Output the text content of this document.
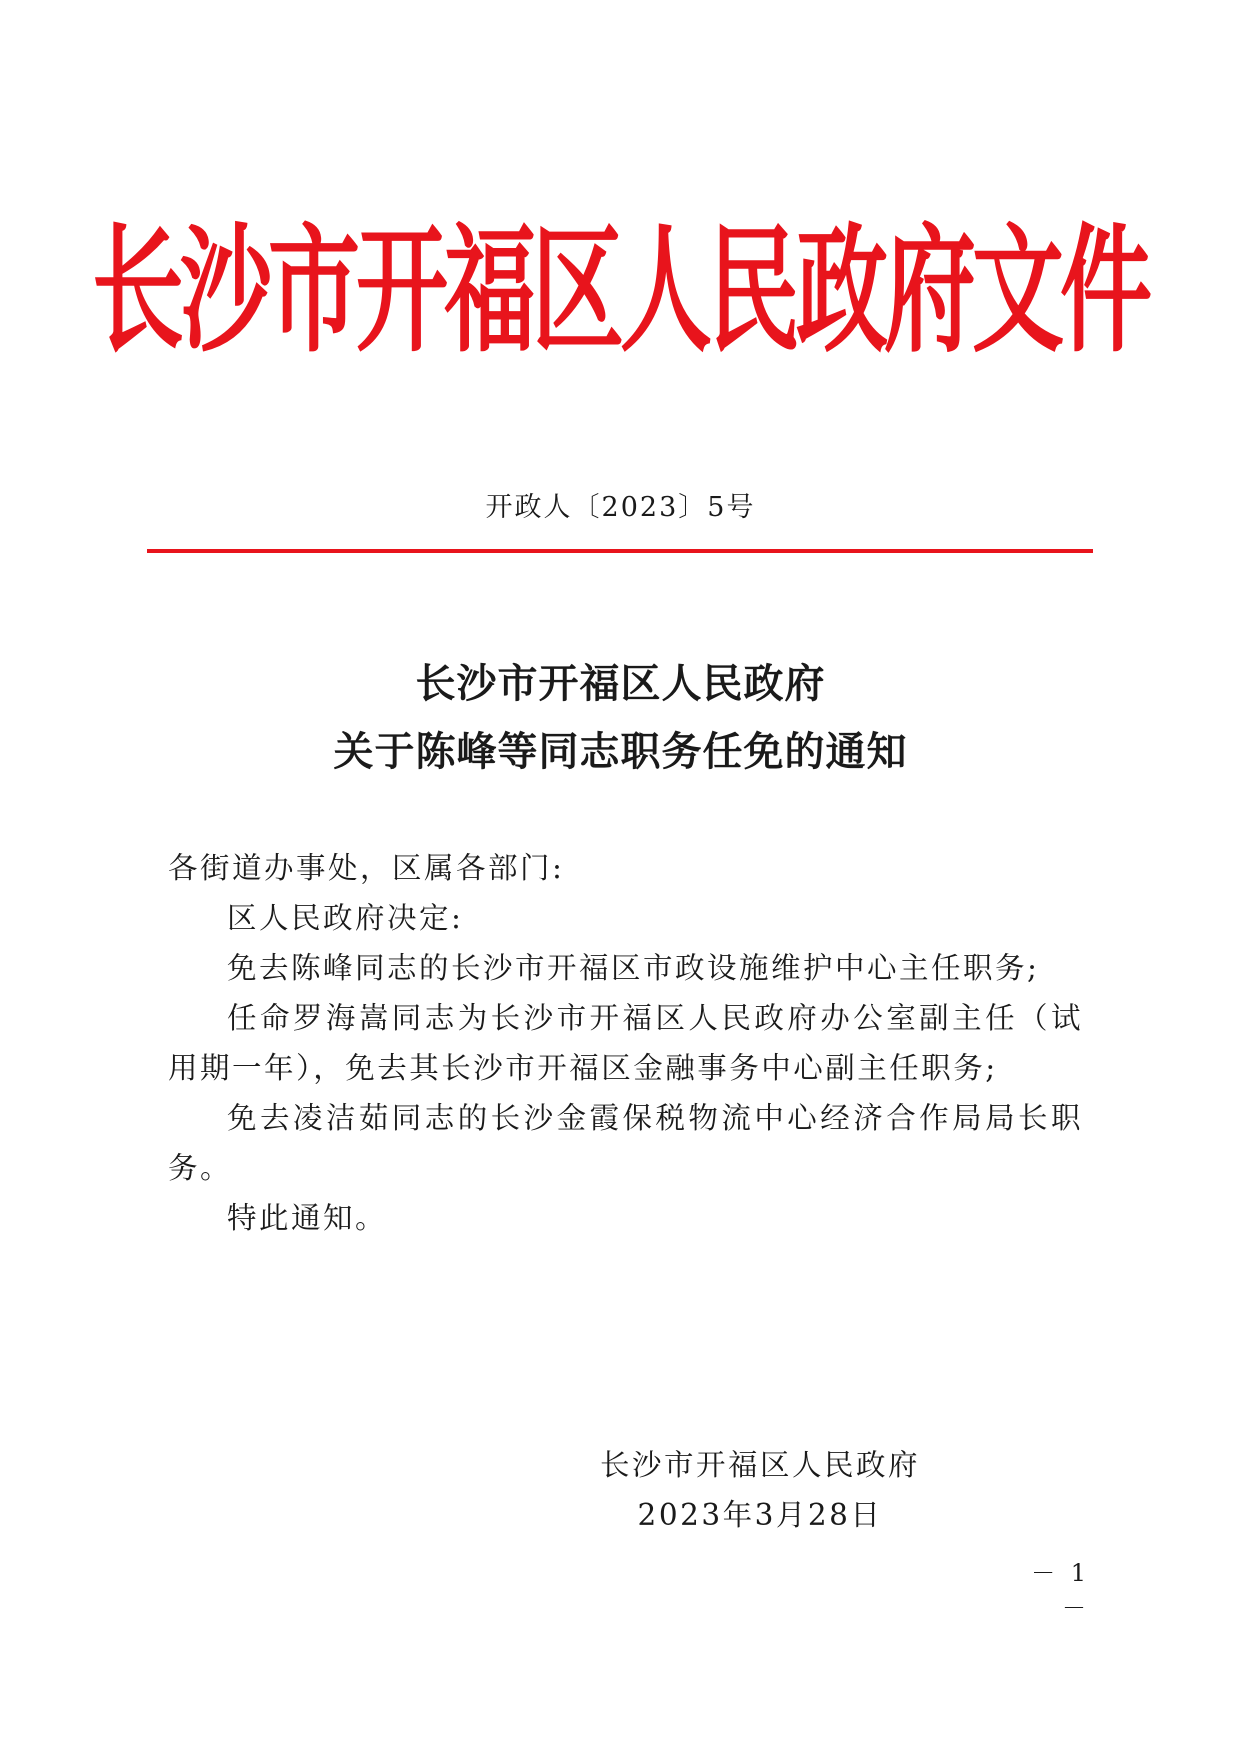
长沙市开福区人民政府文件
开政人〔2023〕5号
长沙市开福区人民政府
关于陈峰等同志职务任免的通知

各街道办事处，区属各部门:

区人民政府决定:

免去陈峰同志的长沙市开福区市政设施维护中心主任职务;

任命罗海嵩同志为长沙市开福区人民政府办公室副主任（试用期一年），免去其长沙市开福区金融事务中心副主任职务;

免去凌洁茹同志的长沙金霞保税物流中心经济合作局局长职务。

特此通知。

长沙市开福区人民政府
2023年3月28日
－ 1 －
